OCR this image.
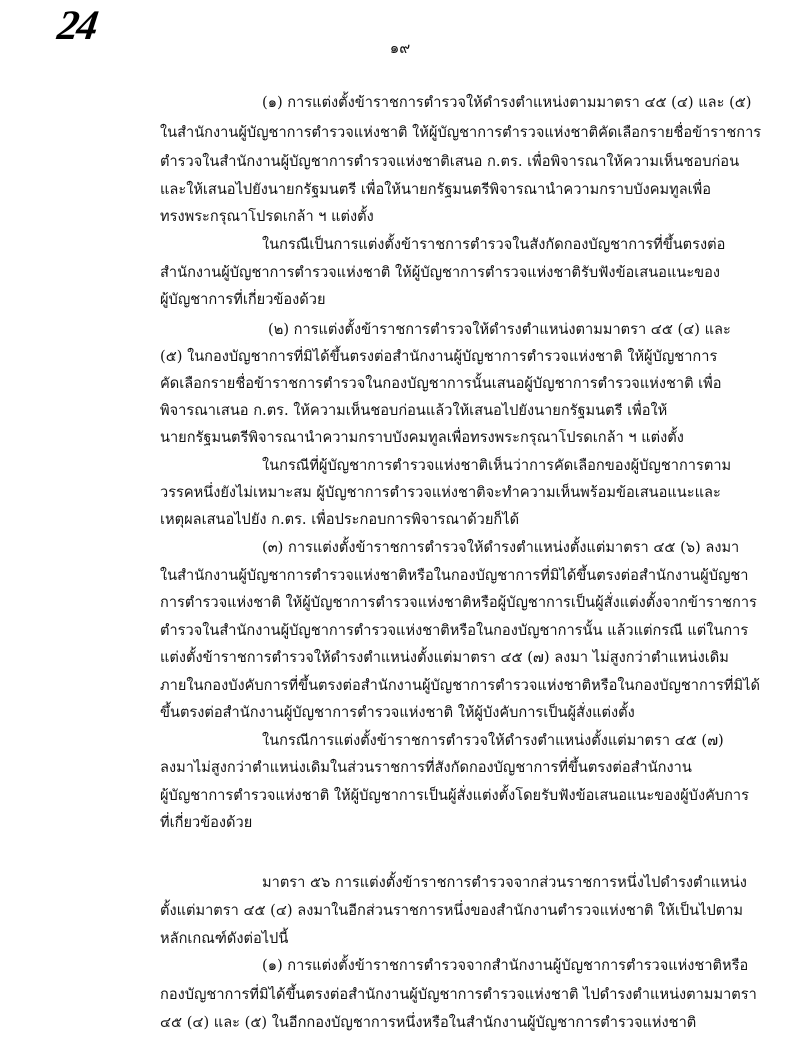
24	๑๙
(๑) การแต่งตั้งข้าราชการตำรวจให้ดำรงตำแหน่งตามมาตรา ๔๕ (๔) และ (๕)
ในสำนักงานผู้บัญชาการตำรวจแห่งชาติ ให้ผู้บัญชาการตำรวจแห่งชาติคัดเลือกรายชื่อข้าราชการ
ตำรวจในสำนักงานผู้บัญชาการตำรวจแห่งชาติเสนอ ก.ตร. เพื่อพิจารณาให้ความเห็นชอบก่อน
และให้เสนอไปยังนายกรัฐมนตรี เพื่อให้นายกรัฐมนตรีพิจารณานำความกราบบังคมทูลเพื่อ
ทรงพระกรุณาโปรดเกล้า ฯ แต่งตั้ง
ในกรณีเป็นการแต่งตั้งข้าราชการตำรวจในสังกัดกองบัญชาการที่ขึ้นตรงต่อ
สำนักงานผู้บัญชาการตำรวจแห่งชาติ ให้ผู้บัญชาการตำรวจแห่งชาติรับฟังข้อเสนอแนะของ
ผู้บัญชาการที่เกี่ยวข้องด้วย
(๒) การแต่งตั้งข้าราชการตำรวจให้ดำรงตำแหน่งตามมาตรา ๔๕ (๔) และ
(๕) ในกองบัญชาการที่มิได้ขึ้นตรงต่อสำนักงานผู้บัญชาการตำรวจแห่งชาติ ให้ผู้บัญชาการ
คัดเลือกรายชื่อข้าราชการตำรวจในกองบัญชาการนั้นเสนอผู้บัญชาการตำรวจแห่งชาติ เพื่อ
พิจารณาเสนอ ก.ตร. ให้ความเห็นชอบก่อนแล้วให้เสนอไปยังนายกรัฐมนตรี เพื่อให้
นายกรัฐมนตรีพิจารณานำความกราบบังคมทูลเพื่อทรงพระกรุณาโปรดเกล้า ฯ แต่งตั้ง
ในกรณีที่ผู้บัญชาการตำรวจแห่งชาติเห็นว่าการคัดเลือกของผู้บัญชาการตาม
วรรคหนึ่งยังไม่เหมาะสม ผู้บัญชาการตำรวจแห่งชาติจะทำความเห็นพร้อมข้อเสนอแนะและ
เหตุผลเสนอไปยัง ก.ตร. เพื่อประกอบการพิจารณาด้วยก็ได้
(๓) การแต่งตั้งข้าราชการตำรวจให้ดำรงตำแหน่งตั้งแต่มาตรา ๔๕ (๖) ลงมา
ในสำนักงานผู้บัญชาการตำรวจแห่งชาติหรือในกองบัญชาการที่มิได้ขึ้นตรงต่อสำนักงานผู้บัญชา
การตำรวจแห่งชาติ ให้ผู้บัญชาการตำรวจแห่งชาติหรือผู้บัญชาการเป็นผู้สั่งแต่งตั้งจากข้าราชการ
ตำรวจในสำนักงานผู้บัญชาการตำรวจแห่งชาติหรือในกองบัญชาการนั้น แล้วแต่กรณี แต่ในการ
แต่งตั้งข้าราชการตำรวจให้ดำรงตำแหน่งตั้งแต่มาตรา ๔๕ (๗) ลงมา ไม่สูงกว่าตำแหน่งเดิม
ภายในกองบังคับการที่ขึ้นตรงต่อสำนักงานผู้บัญชาการตำรวจแห่งชาติหรือในกองบัญชาการที่มิได้
ขึ้นตรงต่อสำนักงานผู้บัญชาการตำรวจแห่งชาติ ให้ผู้บังคับการเป็นผู้สั่งแต่งตั้ง
ในกรณีการแต่งตั้งข้าราชการตำรวจให้ดำรงตำแหน่งตั้งแต่มาตรา ๔๕ (๗)
ลงมาไม่สูงกว่าตำแหน่งเดิมในส่วนราชการที่สังกัดกองบัญชาการที่ขึ้นตรงต่อสำนักงาน
ผู้บัญชาการตำรวจแห่งชาติ ให้ผู้บัญชาการเป็นผู้สั่งแต่งตั้งโดยรับฟังข้อเสนอแนะของผู้บังคับการ
ที่เกี่ยวข้องด้วย
มาตรา ๕๖ การแต่งตั้งข้าราชการตำรวจจากส่วนราชการหนึ่งไปดำรงตำแหน่ง
ตั้งแต่มาตรา ๔๕ (๔) ลงมาในอีกส่วนราชการหนึ่งของสำนักงานตำรวจแห่งชาติ ให้เป็นไปตาม
หลักเกณฑ์ดังต่อไปนี้
(๑) การแต่งตั้งข้าราชการตำรวจจากสำนักงานผู้บัญชาการตำรวจแห่งชาติหรือ
กองบัญชาการที่มิได้ขึ้นตรงต่อสำนักงานผู้บัญชาการตำรวจแห่งชาติ ไปดำรงตำแหน่งตามมาตรา
๔๕ (๔) และ (๕) ในอีกกองบัญชาการหนึ่งหรือในสำนักงานผู้บัญชาการตำรวจแห่งชาติ
